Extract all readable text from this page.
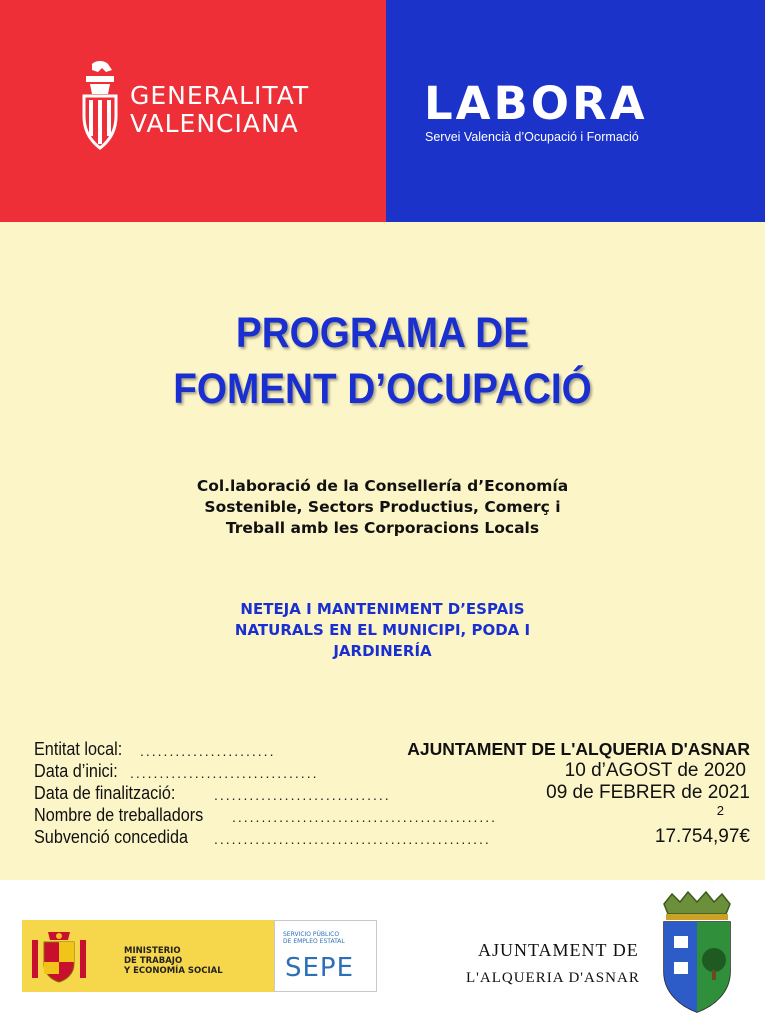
GENERALITAT
VALENCIANA	LABORA
Servei Valencià d’Ocupació i Formació
PROGRAMA DE
FOMENT D’OCUPACIÓ
Col.laboració de la Consellería d’Economía
Sostenible, Sectors Productius, Comerç i
Treball amb les Corporacions Locals
NETEJA I MANTENIMENT D’ESPAIS
NATURALS EN EL MUNICIPI, PODA I
JARDINERÍA
Entitat local: .......................	AJUNTAMENT DE L'ALQUERIA D'ASNAR
Data d’inici: ................................	10 d’AGOST de 2020
Data de finalització:	..............................	09 de FEBRER de 2021
Nombre de treballadors .............................................	2
Subvenció concedida ...............................................	17.754,97€
MINISTERIO
DE TRABAJO
Y ECONOMÍA SOCIAL
SERVICIO PÚBLICO
DE EMPLEO ESTATAL
SEPE
AJUNTAMENT DE
L'ALQUERIA D'ASNAR
